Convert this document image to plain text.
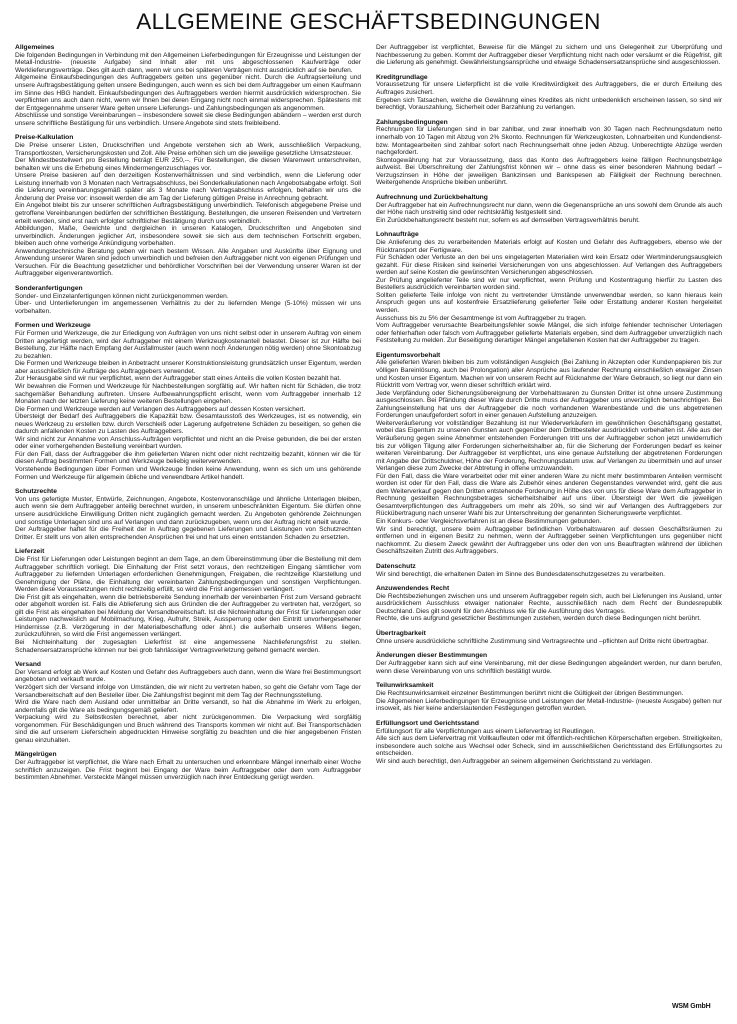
ALLGEMEINE GESCHÄFTSBEDINGUNGEN
Allgemeines

Die folgenden Bedingungen in Verbindung mit den Allgemeinen Lieferbedingungen für Erzeugnisse und Leistungen der Metall-Industrie- (neueste Aufgabe) sind Inhalt aller mit uns abgeschlossenen Kaufverträge oder Werklieferungsverträge. Dies gilt auch dann, wenn wir uns bei späteren Verträgen nicht ausdrücklich auf sie berufen.

Allgemeine Einkaufsbedingungen des Auftraggebers gelten uns gegenüber nicht. Durch die Auftragserteilung und unsere Auftragsbestätigung gelten unsere Bedingungen, auch wenn es sich bei dem Auftraggeber um einen Kaufmann im Sinne des HBG handelt. Einkaufsbedingungen des Auftraggebers werden hiermit ausdrücklich widersprochen. Sie verpflichten uns auch dann nicht, wenn wir Ihnen bei deren Eingang nicht noch einmal widersprechen. Spätestens mit der Entgegennahme unserer Ware gelten unsere Lieferungs- und Zahlungsbedingungen als angenommen.

Abschlüsse und sonstige Vereinbarungen – insbesondere soweit sie diese Bedingungen abändern – werden erst durch unsere schriftliche Bestätigung für uns verbindlich. Unsere Angebote sind stets freibleibend.

Preise-Kalkulation

Die Preise unserer Listen, Druckschriften und Angebote verstehen sich ab Werk, ausschließlich Verpackung, Transportkosten, Versicherungskosten und Zoll. Alle Preise erhöhen sich um die jeweilige gesetzliche Umsatzsteuer.

Der Mindestbestellwert pro Bestellung beträgt EUR 250,--. Für Bestellungen, die diesen Warenwert unterschreiten, behalten wir uns die Erhebung eines Mindermengenzuschlages vor.

Unsere Preise basieren auf den derzeitigen Kostenverhältnissen und sind verbindlich, wenn die Lieferung oder Leistung innerhalb von 3 Monaten nach Vertragsabschluss, bei Sonderkalkulationen nach Angebotsabgabe erfolgt. Soll die Lieferung vereinbarungsgemäß später als 3 Monate nach Vertragsabschluss erfolgen, behalten wir uns die Änderung der Preise vor: insoweit werden die am Tag der Lieferung gültigen Preise in Anrechnung gebracht.

Ein Angebot bleibt bis zur unserer schriftlichen Auftragsbestätigung unverbindlich. Telefonisch abgegebene Preise und getroffene Vereinbarungen bedürfen der schriftlichen Bestätigung. Bestellungen, die unseren Reisenden und Vertretern erteilt werden, sind erst nach erfolgter schriftlicher Bestätigung durch uns verbindlich.

Abbildungen, Maße, Gewichte und dergleichen in unseren Katalogen, Druckschriften und Angeboten sind unverbindlich. Änderungen jeglicher Art, insbesondere soweit sie sich aus dem technischen Fortschritt ergeben, bleiben auch ohne vorherige Ankündigung vorbehalten.

Anwendungstechnische Beratung geben wir nach bestem Wissen. Alle Angaben und Auskünfte über Eignung und Anwendung unserer Waren sind jedoch unverbindlich und befreien den Auftraggeber nicht von eigenen Prüfungen und Versuchen. Für die Beachtung gesetzlicher und behördlicher Vorschriften bei der Verwendung unserer Waren ist der Auftraggeber eigenverantwortlich.

Sonderanfertigungen

Sonder- und Einzelanfertigungen können nicht zurückgenommen werden.

Über- und Unterlieferungen im angemessenen Verhältnis zu der zu liefernden Menge (5-10%) müssen wir uns vorbehalten.

Formen und Werkzeuge

Für Formen und Werkzeuge, die zur Erledigung von Aufträgen von uns nicht selbst oder in unserem Auftrag von einem Dritten angefertigt werden, wird der Auftraggeber mit einem Werkzeugkostenanteil belastet. Dieser ist zur Hälfte bei Bestellung, zur Hälfte nach Empfang der Ausfallmuster (auch wenn noch Änderungen nötig werden) ohne Skontoabzug zu bezahlen.

Die Formen und Werkzeuge bleiben in Anbetracht unserer Konstruktionsleistung grundsätzlich unser Eigentum, werden aber ausschließlich für Aufträge des Auftraggebers verwendet.

Zur Herausgabe sind wir nur verpflichtet, wenn der Auftraggeber statt eines Anteils die vollen Kosten bezahlt hat.

Wir bewahren die Formen und Werkzeuge für Nachbestellungen sorgfältig auf. Wir haften nicht für Schäden, die trotz sachgemäßer Behandlung auftreten. Unsere Aufbewahrungspflicht erlischt, wenn vom Auftraggeber innerhalb 12 Monaten nach der letzten Lieferung keine weiteren Bestellungen eingehen.

Die Formen und Werkzeuge werden auf Verlangen des Auftraggebers auf dessen Kosten versichert.

Übersteigt der Bedarf des Auftraggebers die Kapazität bzw. Gesamtausstoß des Werkzeuges, ist es notwendig, ein neues Werkzeug zu erstellen bzw. durch Verschleiß oder Lagerung aufgetretene Schäden zu beseitigen, so gehen die dadurch anfallenden Kosten zu Lasten des Auftraggebers.

Wir sind nicht zur Annahme von Anschluss-Aufträgen verpflichtet und nicht an die Preise gebunden, die bei der ersten oder einer vorhergehenden Bestellung vereinbart wurden.

Für den Fall, dass der Auftraggeber die ihm gelieferten Waren nicht oder nicht rechtzeitig bezahlt, können wir die für diesen Auftrag bestimmten Formen und Werkzeuge beliebig weiterverwenden.

Vorstehende Bedingungen über Formen und Werkzeuge finden keine Anwendung, wenn es sich um uns gehörende Formen und Werkzeuge für allgemein übliche und verwendbare Artikel handelt.

Schutzrechte

Von uns gefertigte Muster, Entwürfe, Zeichnungen, Angebote, Kostenvoranschläge und ähnliche Unterlagen bleiben, auch wenn sie dem Auftraggeber anteilig berechnet wurden, in unserem unbeschränkten Eigentum. Sie dürfen ohne unsere ausdrückliche Einwilligung Dritten nicht zugänglich gemacht werden. Zu Angeboten gehörende Zeichnungen und sonstige Unterlagen sind uns auf Verlangen und dann zurückzugeben, wenn uns der Auftrag nicht erteilt wurde.

Der Auftraggeber haftet für die Freiheit der in Auftrag gegebenen Lieferungen und Leistungen von Schutzrechten Dritter. Er stellt uns von allen entsprechenden Ansprüchen frei und hat uns einen entstanden Schaden zu ersetzten.

Lieferzeit

Die Frist für Lieferungen oder Leistungen beginnt an dem Tage, an dem Übereinstimmung über die Bestellung mit dem Auftraggeber schriftlich vorliegt. Die Einhaltung der Frist setzt voraus, den rechtzeitigen Eingang sämtlicher vom Auftraggeber zu liefernden Unterlagen erforderlichen Genehmigungen, Freigaben, die rechtzeitige Klarstellung und Genehmigung der Pläne, die Einhaltung der vereinbarten Zahlungsbedingungen und sonstigen Verpflichtungen. Werden diese Voraussetzungen nicht rechtzeitig erfüllt, so wird die Frist angemessen verlängert.

Die Frist gilt als eingehalten, wenn die betriebsbereite Sendung innerhalb der vereinbarten Frist zum Versand gebracht oder abgeholt worden ist. Falls die Ablieferung sich aus Gründen die der Auftraggeber zu vertreten hat, verzögert, so gilt die Frist als eingehalten bei Meldung der Versandbereitschaft. Ist die Nichteinhaltung der Frist für Lieferungen oder Leistungen nachweislich auf Mobilmachung, Krieg, Aufruhr, Streik, Aussperrung oder den Eintritt unvorhergesehener Hindernisse (z.B. Verzögerung in der Materialbeschaffung oder ähnl.) die außerhalb unseres Willens liegen, zurückzuführen, so wird die Frist angemessen verlängert.

Bei Nichteinhaltung der zugesagten Lieferfrist ist eine angemessene Nachlieferungsfrist zu stellen. Schadensersatzansprüche können nur bei grob fahrlässiger Vertragsverletzung geltend gemacht werden.

Versand

Der Versand erfolgt ab Werk auf Kosten und Gefahr des Auftraggebers auch dann, wenn die Ware frei Bestimmungsort angeboten und verkauft wurde.

Verzögert sich der Versand infolge von Umständen, die wir nicht zu vertreten haben, so geht die Gefahr vom Tage der Versandbereitschaft auf den Besteller über. Die Zahlungsfrist beginnt mit dem Tag der Rechnungsstellung.

Wird die Ware nach dem Ausland oder unmittelbar an Dritte versandt, so hat die Abnahme im Werk zu erfolgen, andernfalls gilt die Ware als bedingungsgemäß geliefert.

Verpackung wird zu Selbstkosten berechnet, aber nicht zurückgenommen. Die Verpackung wird sorgfältig vorgenommen. Für Beschädigungen und Bruch während des Transports kommen wir nicht auf. Bei Transportschäden sind die auf unserem Lieferschein abgedruckten Hinweise sorgfältig zu beachten und die hier angegebenen Fristen genau einzuhalten.

Mängelrügen

Der Auftraggeber ist verpflichtet, die Ware nach Erhalt zu untersuchen und erkennbare Mängel innerhalb einer Woche schriftlich anzuzeigen. Die Frist beginnt bei Eingang der Ware beim Auftraggeber oder dem vom Auftraggeber bestimmten Abnehmer. Versteckte Mängel müssen unverzüglich nach ihrer Entdeckung gerügt werden.

Der Auftraggeber ist verpflichtet, Beweise für die Mängel zu sichern und uns Gelegenheit zur Überprüfung und Nachbesserung zu geben. Kommt der Auftraggeber dieser Verpflichtung nicht nach oder versäumt er die Rügefrist, gilt die Lieferung als genehmigt. Gewährleistungsansprüche und etwaige Schadensersatzansprüche sind ausgeschlossen.

Kreditgrundlage

Voraussetzung für unsere Lieferpflicht ist die volle Kreditwürdigkeit des Auftraggebers, die er durch Erteilung des Auftrages zusichert.

Ergeben sich Tatsachen, welche die Gewährung eines Kredites als nicht unbedenklich erscheinen lassen, so sind wir berechtigt, Vorauszahlung, Sicherheit oder Barzahlung zu verlangen.

Zahlungsbedingungen

Rechnungen für Lieferungen sind in bar zahlbar, und zwar innerhalb von 30 Tagen nach Rechnungsdatum netto innerhalb von 10 Tagen mit Abzug von 2% Skonto. Rechnungen für Werkzeugkosten, Lohnarbeiten und Kundendienst- bzw. Montagearbeiten sind zahlbar sofort nach Rechnungserhalt ohne jeden Abzug. Unberechtigte Abzüge werden nachgefordert.

Skontogewährung hat zur Voraussetzung, dass das Konto des Auftraggebers keine fälligen Rechnungsbeträge aufweist. Bei Überschreitung der Zahlungsfrist können wir – ohne dass es einer besonderen Mahnung bedarf – Verzugszinsen in Höhe der jeweiligen Bankzinsen und Bankspesen ab Fälligkeit der Rechnung berechnen. Weitergehende Ansprüche bleiben unberührt.

Aufrechnung und Zurückbehaltung

Der Auftraggeber hat ein Aufrechnungsrecht nur dann, wenn die Gegenansprüche an uns sowohl dem Grunde als auch der Höhe nach unstreitig sind oder rechtskräftig festgestellt sind.

Ein Zurückbehaltungsrecht besteht nur, sofern es auf demselben Vertragsverhältnis beruht.

Lohnaufträge

Die Anlieferung des zu verarbeitenden Materials erfolgt auf Kosten und Gefahr des Auftraggebers, ebenso wie der Rücktransport der Fertigware.

Für Schäden oder Verluste an den bei uns eingelagerten Materialien wird kein Ersatz oder Wertminderungsausgleich gezahlt. Für diese Risiken sind keinerlei Versicherungen von uns abgeschlossen. Auf Verlangen des Auftraggebers werden auf seine Kosten die gewünschten Versicherungen abgeschlossen.

Zur Prüfung angelieferter Teile sind wir nur verpflichtet, wenn Prüfung und Kostentragung hierfür zu Lasten des Bestellers ausdrücklich vereinbarten worden sind.

Sollten gelieferte Teile infolge von nicht zu vertretender Umstände unverwendbar werden, so kann hieraus kein Anspruch gegen uns auf kostenfreie Ersatzlieferung gelieferter Teile oder Erstattung anderer Kosten hergeleitet werden.

Ausschuss bis zu 5% der Gesamtmenge ist vom Auftraggeber zu tragen.

Vom Auftraggeber verursachte Bearbeitungsfehler sowie Mängel, die sich infolge fehlender technischer Unterlagen oder fehlerhaften oder falsch vom Auftraggeber gelieferte Materials ergeben, sind dem Auftraggeber unverzüglich nach Feststellung zu melden. Zur Beseitigung derartiger Mängel angefallenen Kosten hat der Auftraggeber zu tragen.

Eigentumsvorbehalt

Alle gelieferten Waren bleiben bis zum vollständigen Ausgleich (Bei Zahlung in Akzepten oder Kundenpapieren bis zur völligen Bareinlösung, auch bei Prolongation) aller Ansprüche aus laufender Rechnung einschließlich etwaiger Zinsen und Kosten unser Eigentum. Machen wir von unserem Recht auf Rücknahme der Ware Gebrauch, so liegt nur dann ein Rücktritt vom Vertrag vor, wenn dieser schriftlich erklärt wird.

Jede Verpfändung oder Sicherungsübereignung der Vorbehaltswaren zu Gunsten Dritter ist ohne unsere Zustimmung ausgeschlossen. Bei Pfändung dieser Ware durch Dritte muss der Auftraggeber uns unverzüglich benachrichtigen. Bei Zahlungseinstellung hat uns der Auftraggeber die noch vorhandenen Warenbestände und die uns abgetretenen Forderungen unaufgefordert sofort in einer genauen Aufstellung anzuzeigen.

Weiterveräußerung vor vollständiger Bezahlung ist nur Wiederverkäufern im gewöhnlichen Geschäftsgang gestattet, wobei das Eigentum zu unseren Gunsten auch gegenüber dem Drittbesteller ausdrücklich vorbehalten ist. Alle aus der Veräußerung gegen seine Abnehmer entstehenden Forderungen tritt uns der Auftraggeber schon jetzt unwiderruflich bis zur völligen Tilgung aller Forderungen sicherheitshalber ab, für die Sicherung der Forderungen bedarf es keiner weiteren Vereinbarung. Der Auftraggeber ist verpflichtet, uns eine genaue Aufstellung der abgetretenen Forderungen mit Angabe der Drittschuldner, Höhe der Forderung, Rechnungsdatum usw. auf Verlangen zu übermitteln und auf unser Verlangen diese zum Zwecke der Abtretung in offene umzuwandeln.

Für den Fall, dass die Ware verarbeitet oder mit einer anderen Ware zu nicht mehr bestimmbaren Anteilen vermischt worden ist oder für den Fall, dass die Ware als Zubehör eines anderen Gegenstandes verwendet wird, geht die aus dem Weiterverkauf gegen den Dritten entstehende Forderung in Höhe des von uns für diese Ware dem Auftraggeber in Rechnung gestellten Rechnungsbetrages sicherheitshalber auf uns über. Übersteigt der Wert die jeweiligen Gesamtverpflichtungen des Auftraggebers um mehr als 20%, so sind wir auf Verlangen des Auftraggebers zur Rückübertragung nach unserer Wahl bis zur Unterschreitung der genannten Sicherungswerte verpflichtet.

Ein Konkurs- oder Vergleichsverfahren ist an diese Bestimmungen gebunden.

Wir sind berechtigt, unsere beim Auftraggeber befindlichen Vorbehaltswaren auf dessen Geschäftsräumen zu entfernen und in eigenen Besitz zu nehmen, wenn der Auftraggeber seinen Verpflichtungen uns gegenüber nicht nachkommt. Zu diesem Zweck gewährt der Auftraggeber uns oder den von uns Beauftragten während der üblichen Geschäftszeiten Zutritt des Auftraggebers.

Datenschutz

Wir sind berechtigt, die erhaltenen Daten im Sinne des Bundesdatenschutzgesetzes zu verarbeiten.

Anzuwendendes Recht

Die Rechtsbeziehungen zwischen uns und unserem Auftraggeber regeln sich, auch bei Lieferungen ins Ausland, unter ausdrücklichem Ausschluss etwaiger nationaler Rechte, ausschließlich nach dem Recht der Bundesrepublik Deutschland. Dies gilt sowohl für den Abschluss wie für die Ausführung des Vertrages.

Rechte, die uns aufgrund gesetzlicher Bestimmungen zustehen, werden durch diese Bedingungen nicht berührt.

Übertragbarkeit

Ohne unsere ausdrückliche schriftliche Zustimmung sind Vertragsrechte und –pflichten auf Dritte nicht übertragbar.

Änderungen dieser Bestimmungen

Der Auftraggeber kann sich auf eine Vereinbarung, mit der diese Bedingungen abgeändert werden, nur dann berufen, wenn diese Vereinbarung von uns schriftlich bestätigt wurde.

Teilunwirksamkeit

Die Rechtsunwirksamkeit einzelner Bestimmungen berührt nicht die Gültigkeit der übrigen Bestimmungen.

Die Allgemeinen Lieferbedingungen für Erzeugnisse und Leistungen der Metall-Industrie- (neueste Ausgabe) gelten nur insoweit, als hier keine anderslautenden Festlegungen getroffen wurden.

Erfüllungsort und Gerichtsstand

Erfüllungsort für alle Verpflichtungen aus einem Liefervertrag ist Reutlingen.

Alle sich aus dem Liefervertrag mit Vollkaufleuten oder mit öffentlich-rechtlichen Körperschaften ergeben. Streitigkeiten, insbesondere auch solche aus Wechsel oder Scheck, sind im ausschließlichen Gerichtsstand des Erfüllungsortes zu entscheiden.

Wir sind auch berechtigt, den Auftraggeber an seinem allgemeinen Gerichtsstand zu verklagen.

WSM GmbH
